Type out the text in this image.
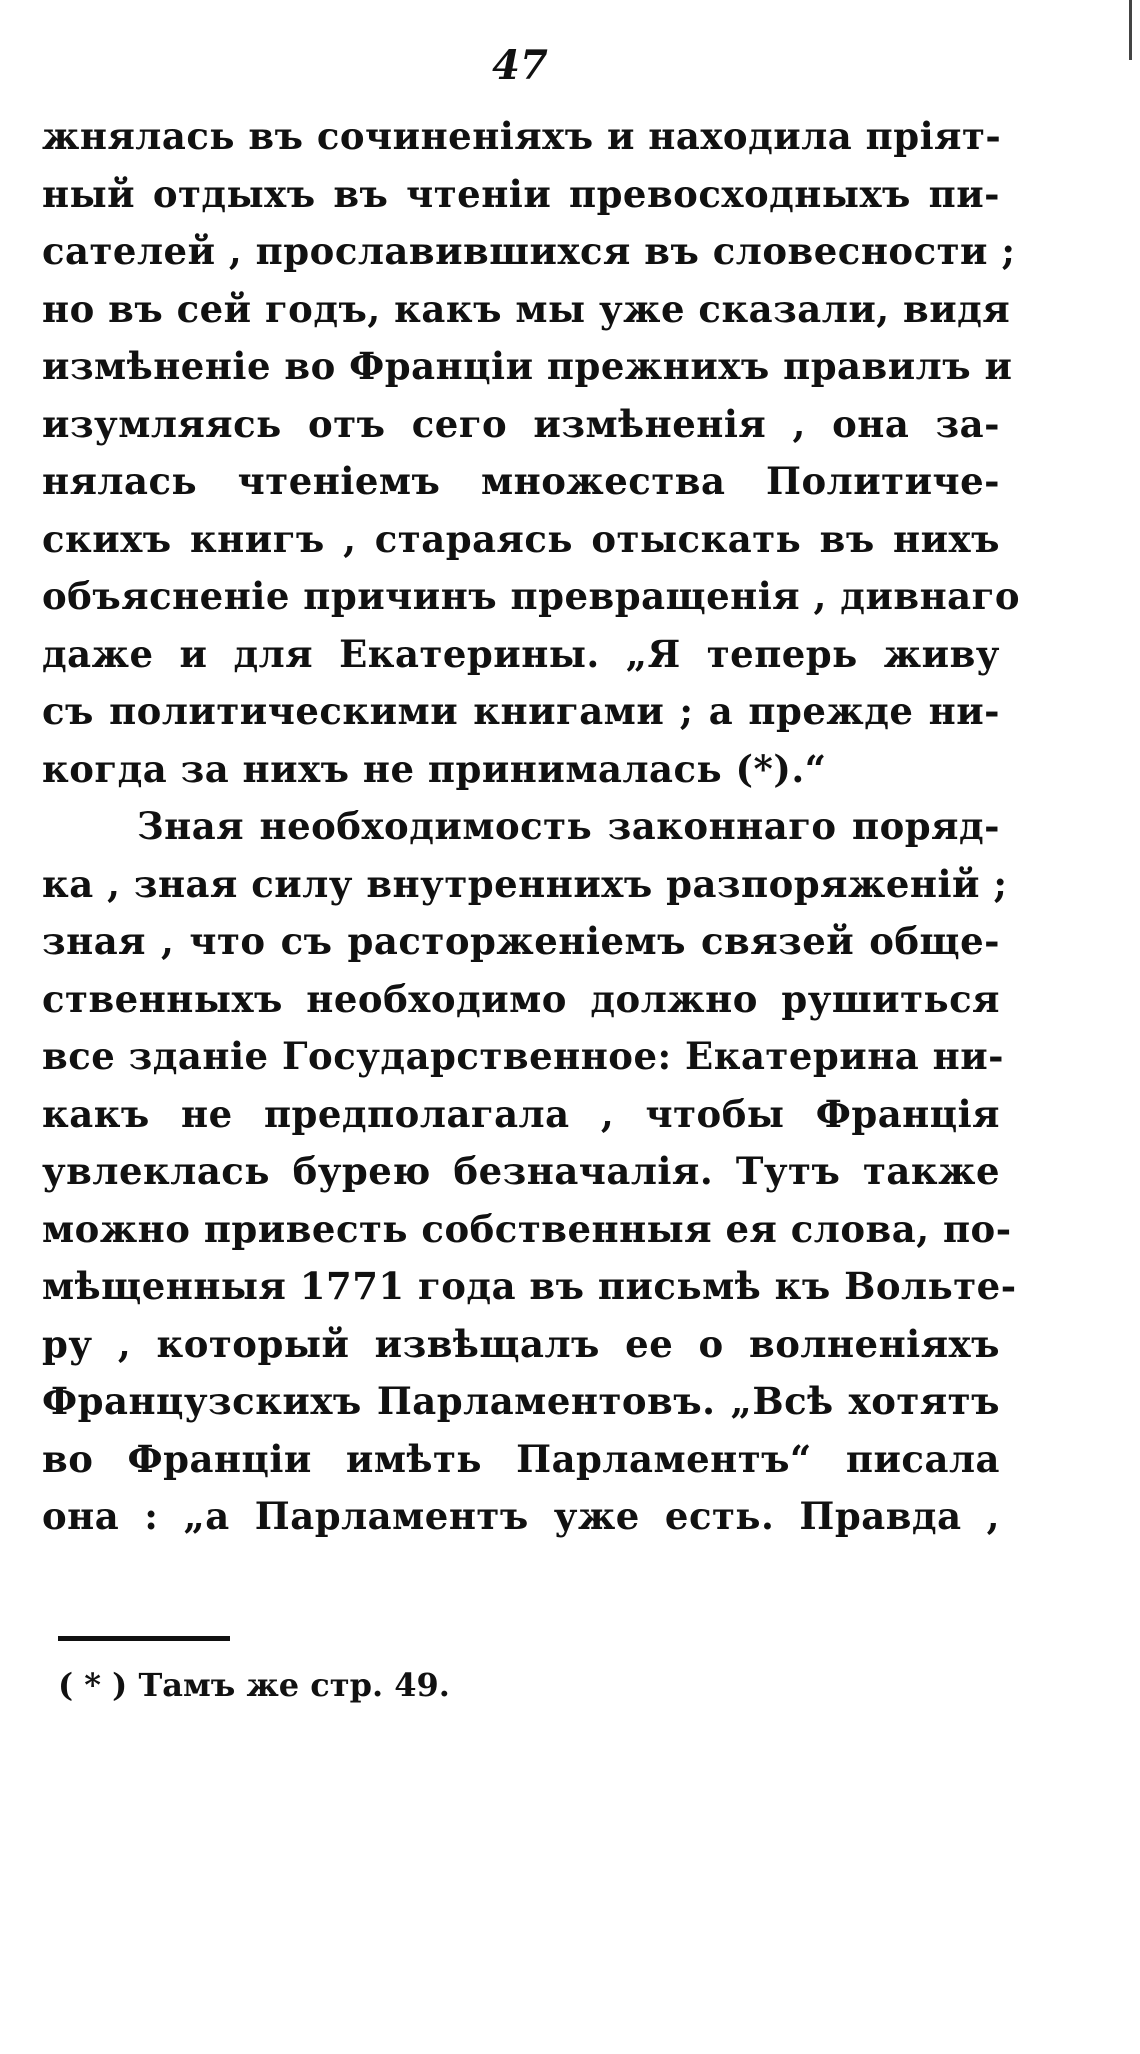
47
жнялась въ сочиненіяхъ и находила пріят-
ный отдыхъ въ чтеніи превосходныхъ пи-
сателей , прославившихся въ словесности ;
но въ сей годъ, какъ мы уже сказали, видя
измѣненіе во Франціи прежнихъ правилъ и
изумляясь отъ сего измѣненія , она за-
нялась чтеніемъ множества Политиче-
скихъ книгъ , стараясь отыскать въ нихъ
объясненіе причинъ превращенія , дивнаго
даже и для Екатерины. „Я теперь живу
съ политическими книгами ; а прежде ни-
когда за нихъ не принималась (*).“
Зная необходимость законнаго поряд-
ка , зная силу внутреннихъ разпоряженій ;
зная , что съ расторженіемъ связей обще-
ственныхъ необходимо должно рушиться
все зданіе Государственное: Екатерина ни-
какъ не предполагала , чтобы Франція
увлеклась бурею безначалія. Тутъ также
можно привесть собственныя ея слова, по-
мѣщенныя 1771 года въ письмѣ къ Вольте-
ру , который извѣщалъ ее о волненіяхъ
Французскихъ Парламентовъ. „Всѣ хотятъ
во Франціи имѣть Парламентъ“ писала
она : „а Парламентъ уже есть. Правда ,
( * ) Тамъ же стр. 49.
